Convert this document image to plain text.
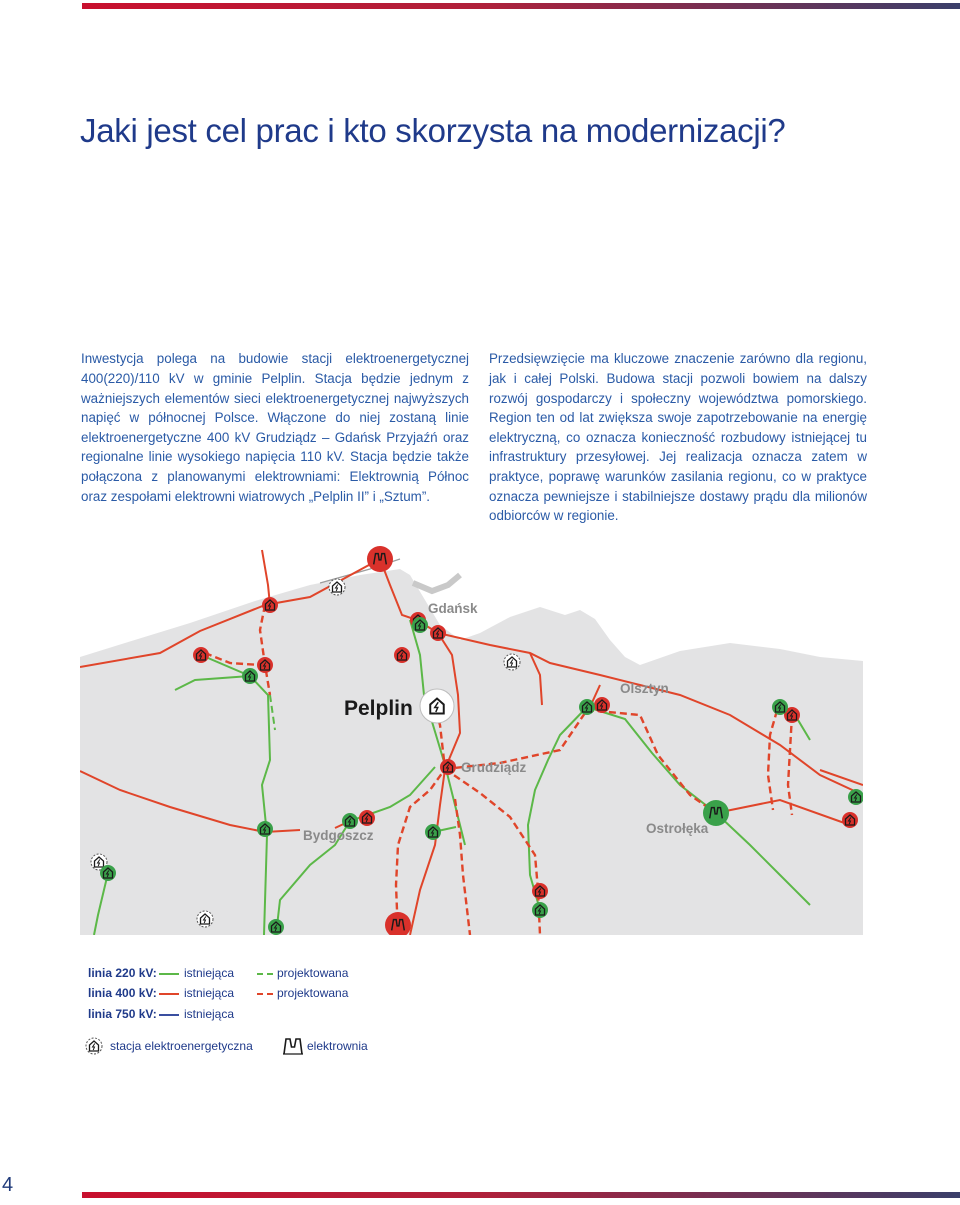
Jaki jest cel prac i kto skorzysta na modernizacji?

Inwestycja polega na budowie stacji elektroenergetycznej 400(220)/110 kV w gminie Pelplin. Stacja będzie jednym z ważniejszych elementów sieci elektroenergetycznej najwyższych napięć w północnej Polsce. Włączone do niej zostaną linie elektroenergetyczne 400 kV Grudziądz – Gdańsk Przyjaźń oraz regionalne linie wysokiego napięcia 110 kV. Stacja będzie także połączona z planowanymi elektrowniami: Elektrownią Północ oraz zespołami elektrowni wiatrowych „Pelplin II” i „Sztum”.

Przedsięwzięcie ma kluczowe znaczenie zarówno dla regionu, jak i całej Polski. Budowa stacji pozwoli bowiem na dalszy rozwój gospodarczy i społeczny województwa pomorskiego. Region ten od lat zwiększa swoje zapotrzebowanie na energię elektryczną, co oznacza konieczność rozbudowy istniejącej tu infrastruktury przesyłowej. Jej realizacja oznacza zatem w praktyce, poprawę warunków zasilania regionu, co w praktyce oznacza pewniejsze i stabilniejsze dostawy prądu dla milionów odbiorców w regionie.

Gdańsk
Olsztyn
Grudziądz
Bydgoszcz	Ostrołęka
Pelplin
linia 220 kV: istniejąca	projektowana
linia 400 kV: istniejąca	projektowana
linia 750 kV: istniejąca
stacja elektroenergetyczna	elektrownia
4
